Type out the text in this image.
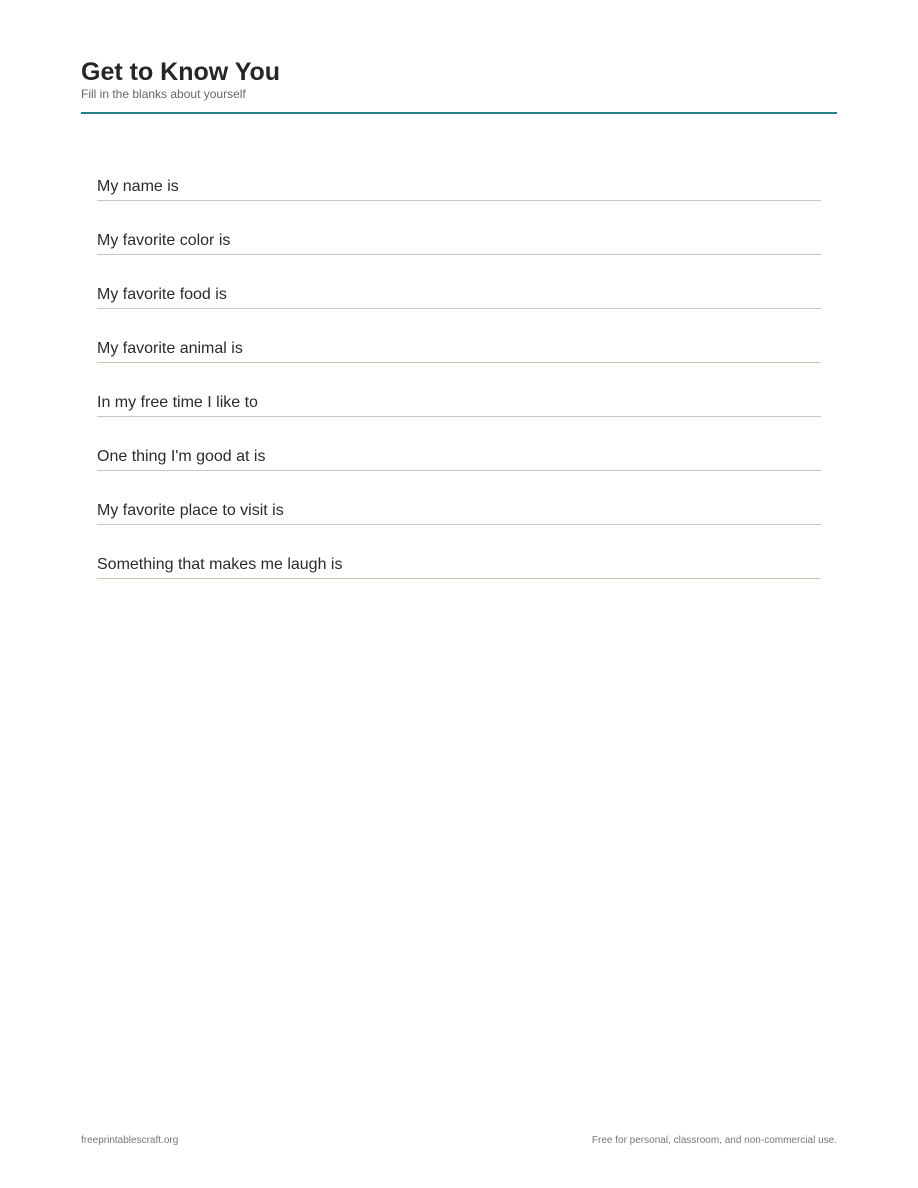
Get to Know You

Fill in the blanks about yourself

My name is
My favorite color is
My favorite food is
My favorite animal is
In my free time I like to
One thing I'm good at is
My favorite place to visit is
Something that makes me laugh is
freeprintablescraft.org	Free for personal, classroom, and non-commercial use.
